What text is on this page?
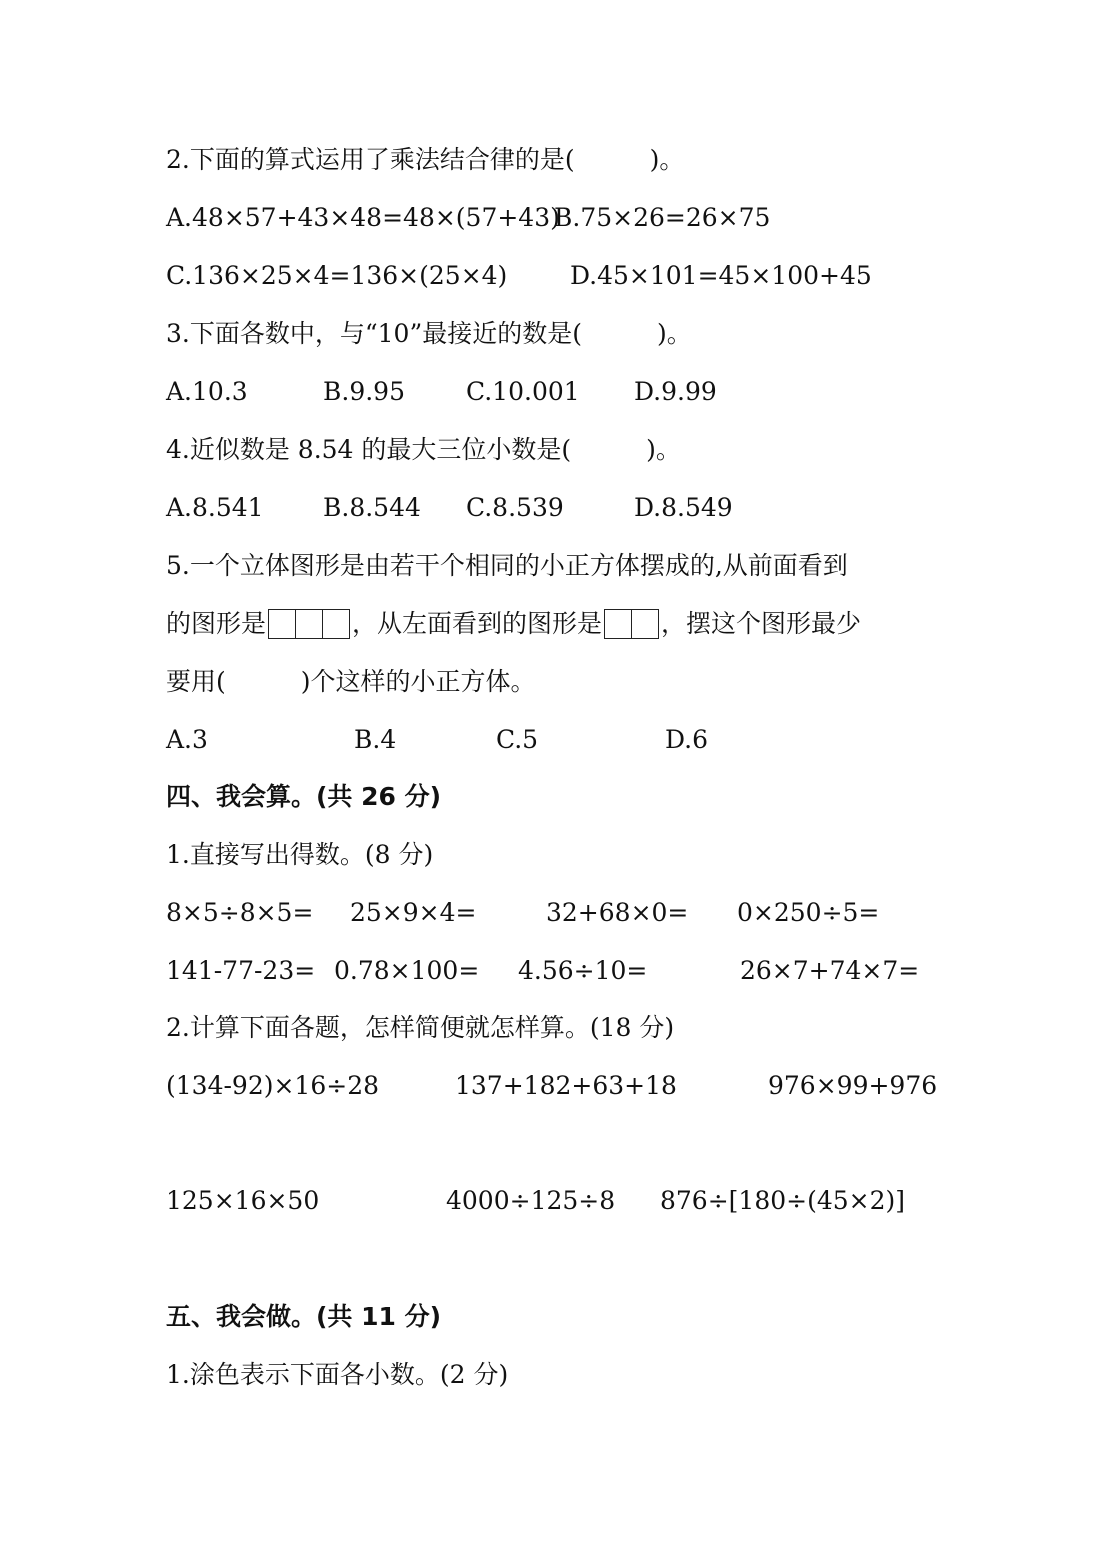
2.下面的算式运用了乘法结合律的是(　　　)。
A.48×57+43×48=48×(57+43)
B.75×26=26×75
C.136×25×4=136×(25×4)	D.45×101=45×100+45
3.下面各数中，与“10”最接近的数是(　　　)。
A.10.3	B.9.95 C.10.001 D.9.99
4.近似数是 8.54 的最大三位小数是(　　　)。
A.8.541 B.8.544 C.8.539	D.8.549
5.一个立体图形是由若干个相同的小正方体摆成的,从前面看到
的图形是	，从左面看到的图形是 ，摆这个图形最少
要用(　　　)个这样的小正方体。
A.3	B.4	C.5	D.6
四、我会算。(共 26 分)
1.直接写出得数。(8 分)
8×5÷8×5= 25×9×4=	32+68×0= 0×250÷5=
141-77-23= 0.78×100= 4.56÷10=	26×7+74×7=
2.计算下面各题，怎样简便就怎样算。(18 分)
(134-92)×16÷28	137+182+63+18	976×99+976
125×16×50	4000÷125÷8 876÷[180÷(45×2)]
五、我会做。(共 11 分)
1.涂色表示下面各小数。(2 分)
